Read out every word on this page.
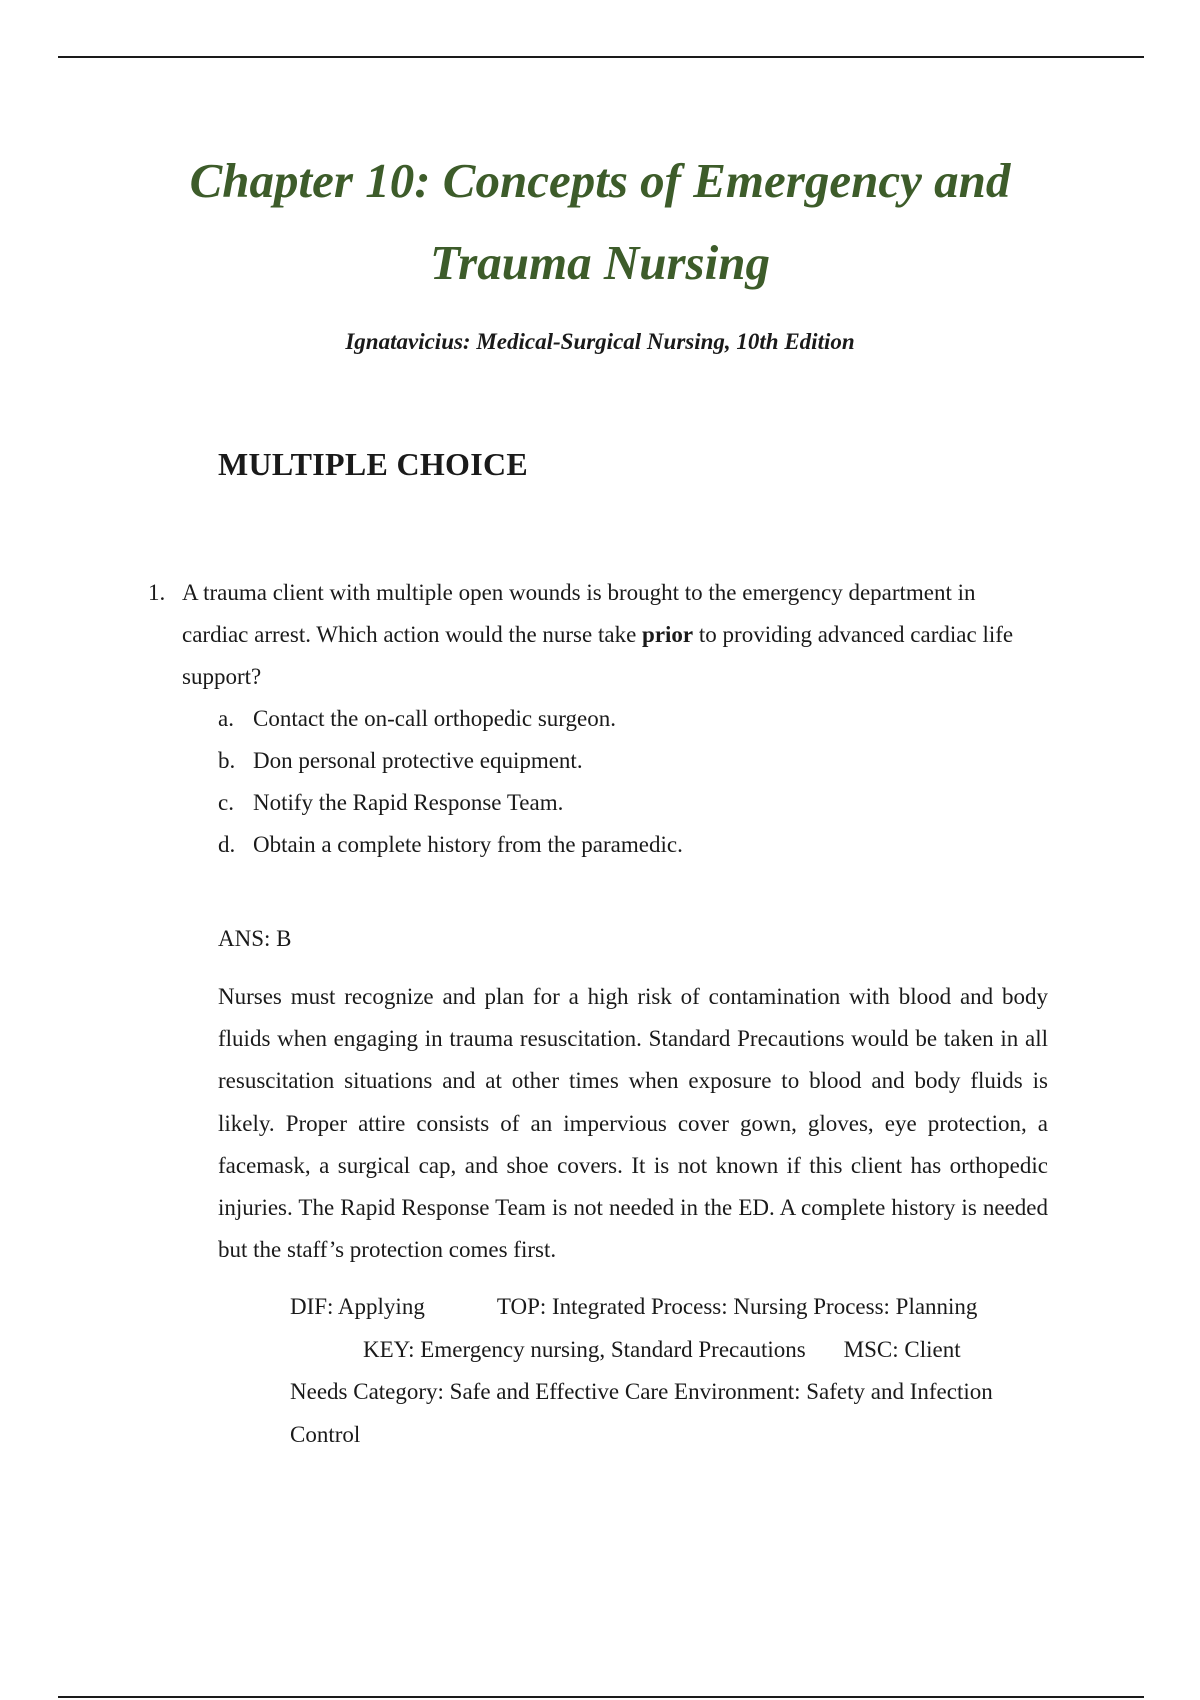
Chapter 10: Concepts of Emergency and
Trauma Nursing
Ignatavicius: Medical-Surgical Nursing, 10th Edition
MULTIPLE CHOICE
1. A trauma client with multiple open wounds is brought to the emergency department in cardiac arrest. Which action would the nurse take prior to providing advanced cardiac life support?
a. Contact the on-call orthopedic surgeon.
b. Don personal protective equipment.
c. Notify the Rapid Response Team.
d. Obtain a complete history from the paramedic.
ANS: B
Nurses must recognize and plan for a high risk of contamination with blood and body fluids when engaging in trauma resuscitation. Standard Precautions would be taken in all resuscitation situations and at other times when exposure to blood and body fluids is likely. Proper attire consists of an impervious cover gown, gloves, eye protection, a facemask, a surgical cap, and shoe covers. It is not known if this client has orthopedic injuries. The Rapid Response Team is not needed in the ED. A complete history is needed but the staff’s protection comes first.
DIF: Applying	TOP: Integrated Process: Nursing Process: Planning
KEY: Emergency nursing, Standard Precautions MSC: Client
Needs Category: Safe and Effective Care Environment: Safety and Infection
Control
